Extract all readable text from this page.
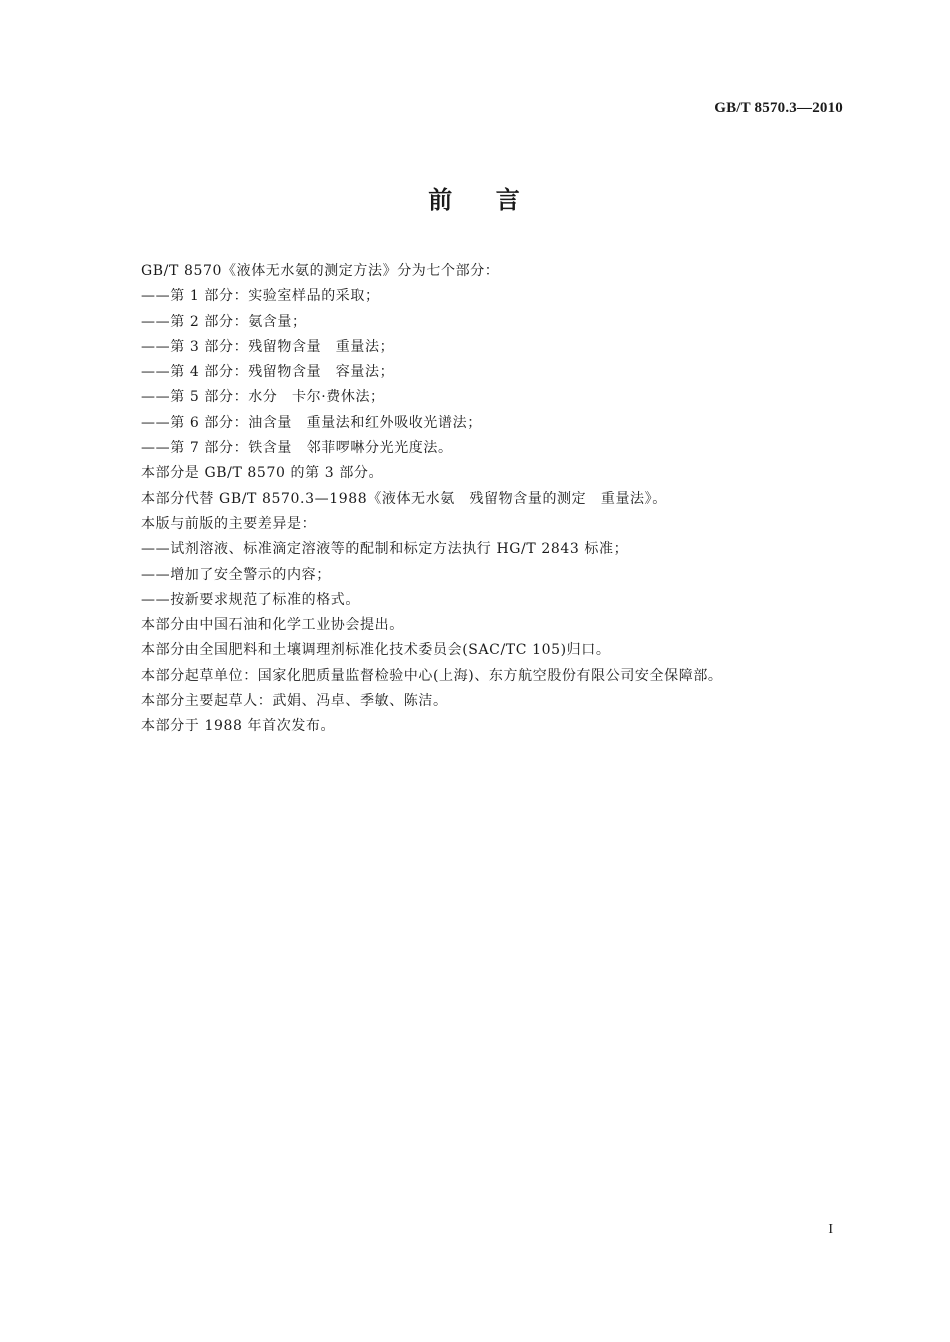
GB/T 8570.3—2010
前    言
GB/T 8570《液体无水氨的测定方法》分为七个部分：
——第 1 部分：实验室样品的采取；
——第 2 部分：氨含量；
——第 3 部分：残留物含量　重量法；
——第 4 部分：残留物含量　容量法；
——第 5 部分：水分　卡尔·费休法；
——第 6 部分：油含量　重量法和红外吸收光谱法；
——第 7 部分：铁含量　邻菲啰啉分光光度法。
本部分是 GB/T 8570 的第 3 部分。
本部分代替 GB/T 8570.3—1988《液体无水氨　残留物含量的测定　重量法》。
本版与前版的主要差异是：
——试剂溶液、标准滴定溶液等的配制和标定方法执行 HG/T 2843 标准；
——增加了安全警示的内容；
——按新要求规范了标准的格式。
本部分由中国石油和化学工业协会提出。
本部分由全国肥料和土壤调理剂标准化技术委员会(SAC/TC 105)归口。
本部分起草单位：国家化肥质量监督检验中心(上海)、东方航空股份有限公司安全保障部。
本部分主要起草人：武娟、冯卓、季敏、陈洁。
本部分于 1988 年首次发布。
I
